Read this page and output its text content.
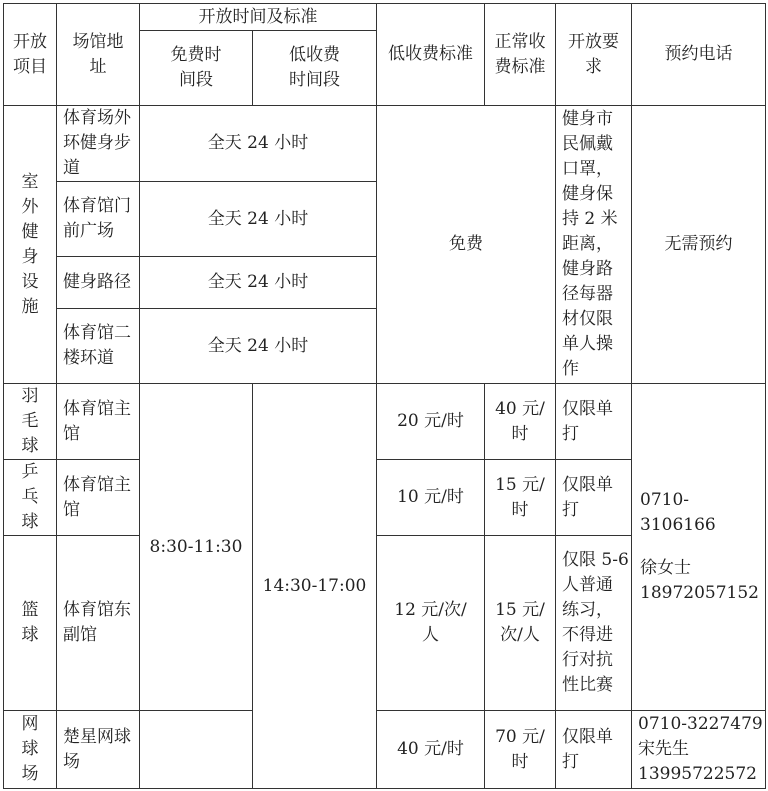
开放项目	场馆地址	开放时间及标准		低收费标准	正常收费标准	开放要求	预约电话
		免费时间段	低收费时间段				
室外健身设施	体育场外环健身步道	全天 24 小时		免费		健身市民佩戴口罩，健身保持 2 米距离，健身路径每器材仅限单人操作	无需预约
	体育馆门前广场	全天 24 小时					
	健身路径	全天 24 小时					
	体育馆二楼环道	全天 24 小时					
羽毛球	体育馆主馆	8:30-11:30	14:30-17:00	20 元/时	40 元/时	仅限单打	0710-3106166
徐女士
18972057152

乒乓球	体育馆主馆			10 元/时	15 元/时	仅限单打	
篮球	体育馆东副馆			12 元/次/人	15 元/次/人	仅限 5-6 人普通练习，不得进行对抗性比赛	
网球场	楚星网球场			40 元/时	70 元/时	仅限单打	0710-3227479
宋先生
13995722572
